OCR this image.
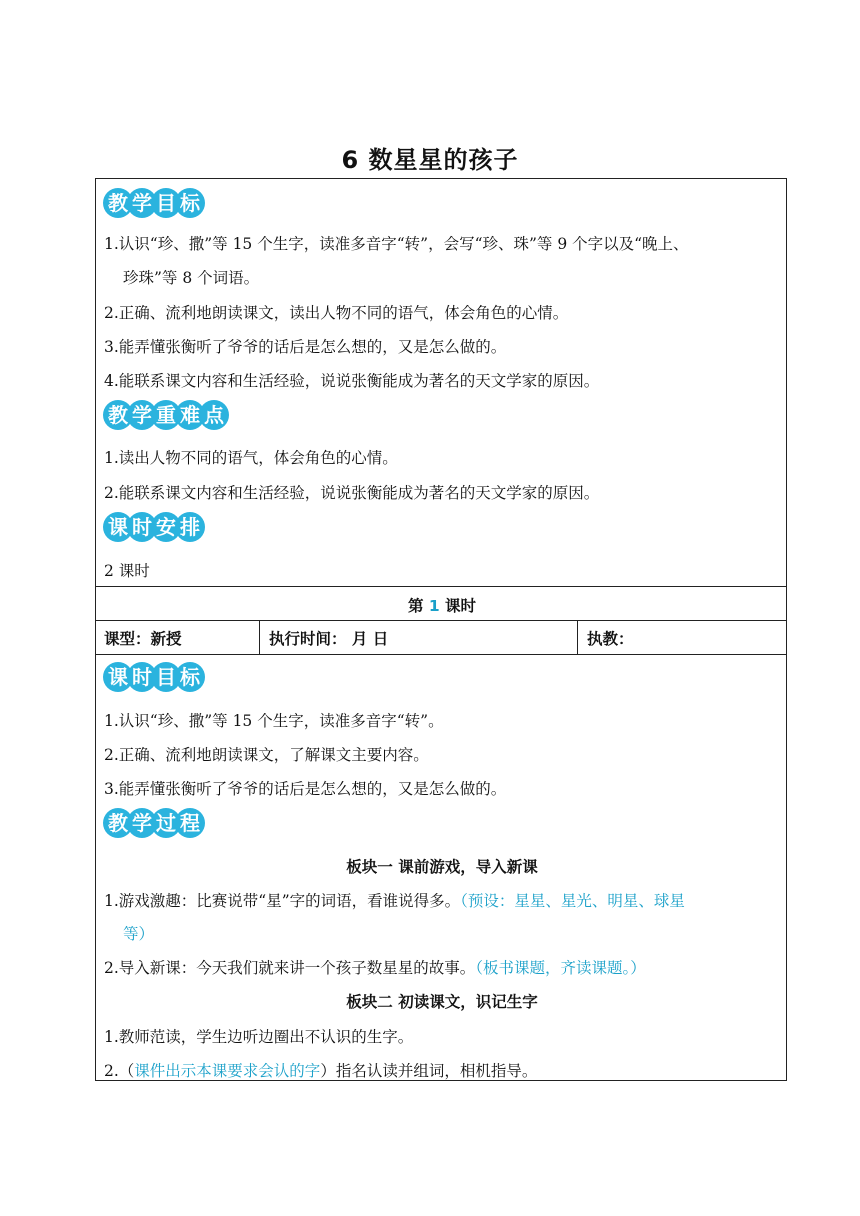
6 数星星的孩子
教 学 目 标
1.认识“珍、撒”等 15 个生字，读准多音字“转”，会写“珍、珠”等 9 个字以及“晚上、
珍珠”等 8 个词语。
2.正确、流利地朗读课文，读出人物不同的语气，体会角色的心情。
3.能弄懂张衡听了爷爷的话后是怎么想的，又是怎么做的。
4.能联系课文内容和生活经验，说说张衡能成为著名的天文学家的原因。
教 学 重 难 点
1.读出人物不同的语气，体会角色的心情。
2.能联系课文内容和生活经验，说说张衡能成为著名的天文学家的原因。
课 时 安 排
2 课时
第 1 课时
课型：新授	执行时间： 月 日	执教：
课 时 目 标
1.认识“珍、撒”等 15 个生字，读准多音字“转”。
2.正确、流利地朗读课文，了解课文主要内容。
3.能弄懂张衡听了爷爷的话后是怎么想的，又是怎么做的。
教 学 过 程
板块一 课前游戏，导入新课
1.游戏激趣：比赛说带“星”字的词语，看谁说得多。（预设：星星、星光、明星、球星
等）
2.导入新课：今天我们就来讲一个孩子数星星的故事。（板书课题，齐读课题。）
板块二 初读课文，识记生字
1.教师范读，学生边听边圈出不认识的生字。
2.（课件出示本课要求会认的字）指名认读并组词，相机指导。
